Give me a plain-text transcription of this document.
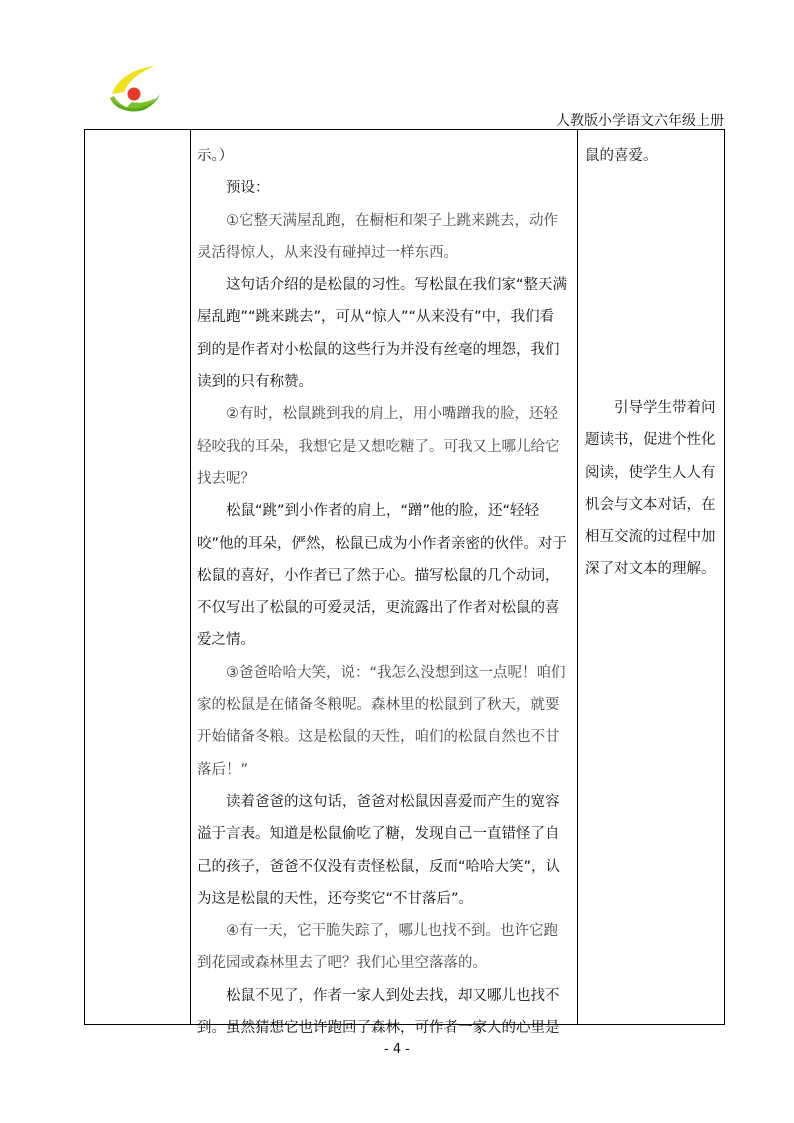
人教版小学语文六年级上册

示。）

预设：

①它整天满屋乱跑，在橱柜和架子上跳来跳去，动作灵活得惊人，从来没有碰掉过一样东西。

这句话介绍的是松鼠的习性。写松鼠在我们家“整天满屋乱跑”“跳来跳去”，可从“惊人”“从来没有”中，我们看到的是作者对小松鼠的这些行为并没有丝毫的埋怨，我们读到的只有称赞。

②有时，松鼠跳到我的肩上，用小嘴蹭我的脸，还轻轻咬我的耳朵，我想它是又想吃糖了。可我又上哪儿给它找去呢？

松鼠“跳”到小作者的肩上，“蹭”他的脸，还“轻轻咬”他的耳朵，俨然，松鼠已成为小作者亲密的伙伴。对于松鼠的喜好，小作者已了然于心。描写松鼠的几个动词，不仅写出了松鼠的可爱灵活，更流露出了作者对松鼠的喜爱之情。

③爸爸哈哈大笑，说：“我怎么没想到这一点呢！咱们家的松鼠是在储备冬粮呢。森林里的松鼠到了秋天，就要开始储备冬粮。这是松鼠的天性，咱们的松鼠自然也不甘落后！”

读着爸爸的这句话，爸爸对松鼠因喜爱而产生的宽容溢于言表。知道是松鼠偷吃了糖，发现自己一直错怪了自己的孩子，爸爸不仅没有责怪松鼠，反而“哈哈大笑”，认为这是松鼠的天性，还夸奖它“不甘落后”。

④有一天，它干脆失踪了，哪儿也找不到。也许它跑到花园或森林里去了吧？我们心里空落落的。

松鼠不见了，作者一家人到处去找，却又哪儿也找不到。虽然猜想它也许跑回了森林，可作者一家人的心里是

鼠的喜爱。

引导学生带着问题读书，促进个性化阅读，使学生人人有机会与文本对话，在相互交流的过程中加深了对文本的理解。

- 4 -
